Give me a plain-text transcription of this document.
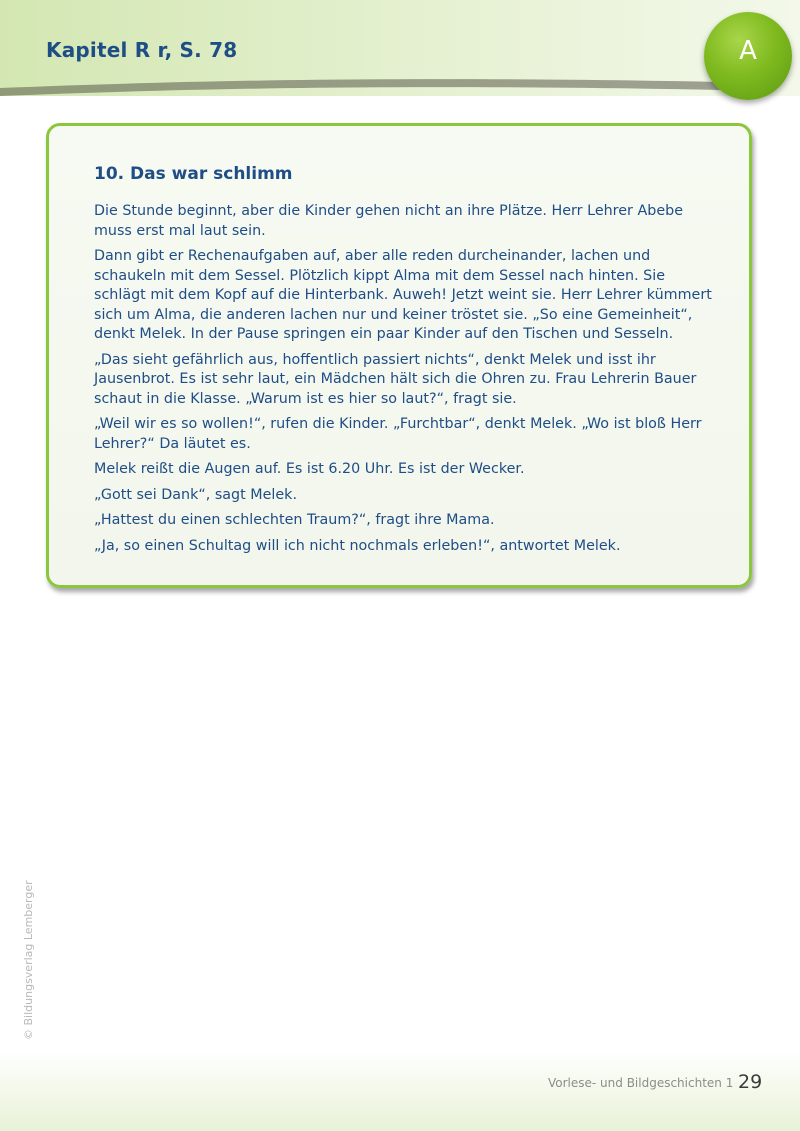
Kapitel R r, S. 78	A
10. Das war schlimm

Die Stunde beginnt, aber die Kinder gehen nicht an ihre Plätze. Herr Lehrer Abebe muss erst mal laut sein.

Dann gibt er Rechenaufgaben auf, aber alle reden durcheinander, lachen und schaukeln mit dem Sessel. Plötzlich kippt Alma mit dem Sessel nach hinten. Sie schlägt mit dem Kopf auf die Hinterbank. Auweh! Jetzt weint sie. Herr Lehrer kümmert sich um Alma, die anderen lachen nur und keiner tröstet sie. „So eine Gemeinheit“, denkt Melek. In der Pause springen ein paar Kinder auf den Tischen und Sesseln.

„Das sieht gefährlich aus, hoffentlich passiert nichts“, denkt Melek und isst ihr Jausenbrot. Es ist sehr laut, ein Mädchen hält sich die Ohren zu. Frau Lehrerin Bauer schaut in die Klasse. „Warum ist es hier so laut?“, fragt sie.

„Weil wir es so wollen!“, rufen die Kinder. „Furchtbar“, denkt Melek. „Wo ist bloß Herr Lehrer?“ Da läutet es.

Melek reißt die Augen auf. Es ist 6.20 Uhr. Es ist der Wecker.

„Gott sei Dank“, sagt Melek.

„Hattest du einen schlechten Traum?“, fragt ihre Mama.

„Ja, so einen Schultag will ich nicht nochmals erleben!“, antwortet Melek.

© Bildungsverlag Lemberger
Vorlese- und Bildgeschichten 1 29
